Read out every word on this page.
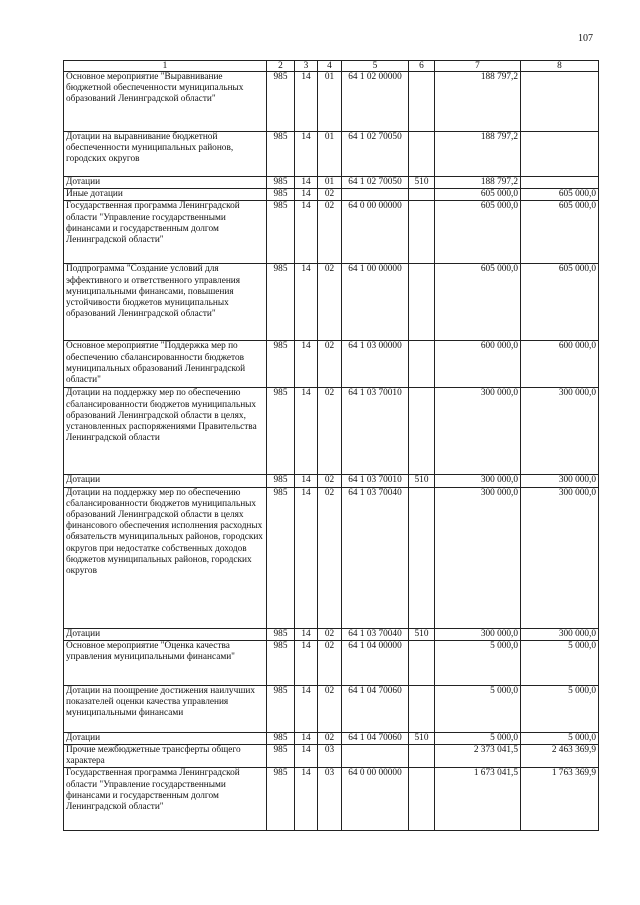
107
1	2	3	4	5	6	7	8
Основное мероприятие "Выравнивание бюджетной обеспеченности муниципальных образований Ленинградской области"	985	14	01	64 1 02 00000		188 797,2	
Дотации на выравнивание бюджетной обеспеченности муниципальных районов, городских округов	985	14	01	64 1 02 70050		188 797,2	
Дотации	985	14	01	64 1 02 70050	510	188 797,2	
Иные дотации	985	14	02			605 000,0	605 000,0
Государственная программа Ленинградской области "Управление государственными финансами и государственным долгом Ленинградской области"	985	14	02	64 0 00 00000		605 000,0	605 000,0
Подпрограмма "Создание условий для эффективного и ответственного управления муниципальными финансами, повышения устойчивости бюджетов муниципальных образований Ленинградской области"	985	14	02	64 1 00 00000		605 000,0	605 000,0
Основное мероприятие "Поддержка мер по обеспечению сбалансированности бюджетов муниципальных образований Ленинградской области"	985	14	02	64 1 03 00000		600 000,0	600 000,0
Дотации на поддержку мер по обеспечению сбалансированности бюджетов муниципальных образований Ленинградской области в целях, установленных распоряжениями Правительства Ленинградской области	985	14	02	64 1 03 70010		300 000,0	300 000,0
Дотации	985	14	02	64 1 03 70010	510	300 000,0	300 000,0
Дотации на поддержку мер по обеспечению сбалансированности бюджетов муниципальных образований Ленинградской области в целях финансового обеспечения исполнения расходных обязательств муниципальных районов, городских округов при недостатке собственных доходов бюджетов муниципальных районов, городских округов	985	14	02	64 1 03 70040		300 000,0	300 000,0
Дотации	985	14	02	64 1 03 70040	510	300 000,0	300 000,0
Основное мероприятие "Оценка качества управления муниципальными финансами"	985	14	02	64 1 04 00000		5 000,0	5 000,0
Дотации на поощрение достижения наилучших показателей оценки качества управления муниципальными финансами	985	14	02	64 1 04 70060		5 000,0	5 000,0
Дотации	985	14	02	64 1 04 70060	510	5 000,0	5 000,0
Прочие межбюджетные трансферты общего характера	985	14	03			2 373 041,5	2 463 369,9
Государственная программа Ленинградской области "Управление государственными финансами и государственным долгом Ленинградской области"	985	14	03	64 0 00 00000		1 673 041,5	1 763 369,9
